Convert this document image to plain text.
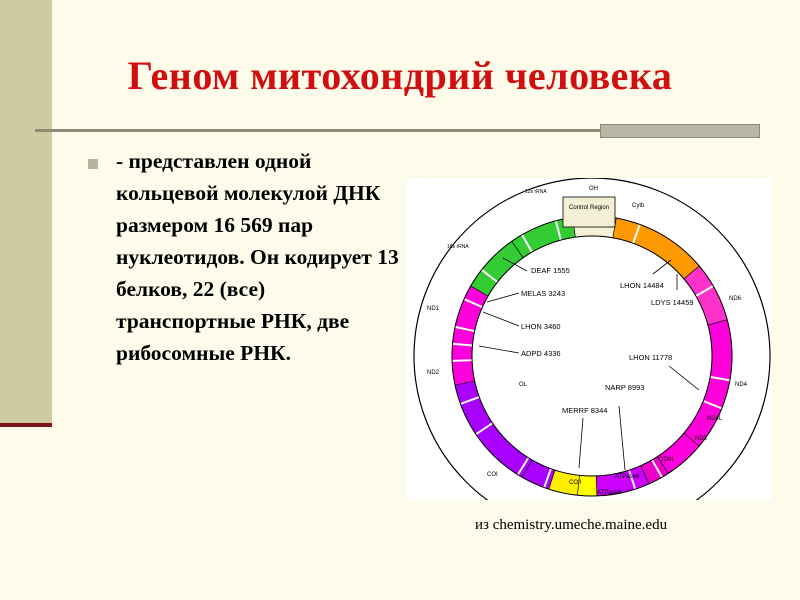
Геном митохондрий человека
- представлен одной кольцевой молекулой ДНК размером 16 569 пар нуклеотидов. Он кодирует 13 белков, 22 (все) транспортные РНК, две рибосомные РНК.
Control Region	Cytb
ND6
ND4
ND4L
ND3
COIII
ATPase6
ATPase8
COII
COI
ND2
ND1
12s rRNA
16s rRNA
OH
OL
DEAF 1555
MELAS 3243
LHON 3460
ADPD 4336
MERRF 8344
NARP 8993
LHON 11778
LHON 14484
LDYS 14459
из chemistry.umeche.maine.edu
